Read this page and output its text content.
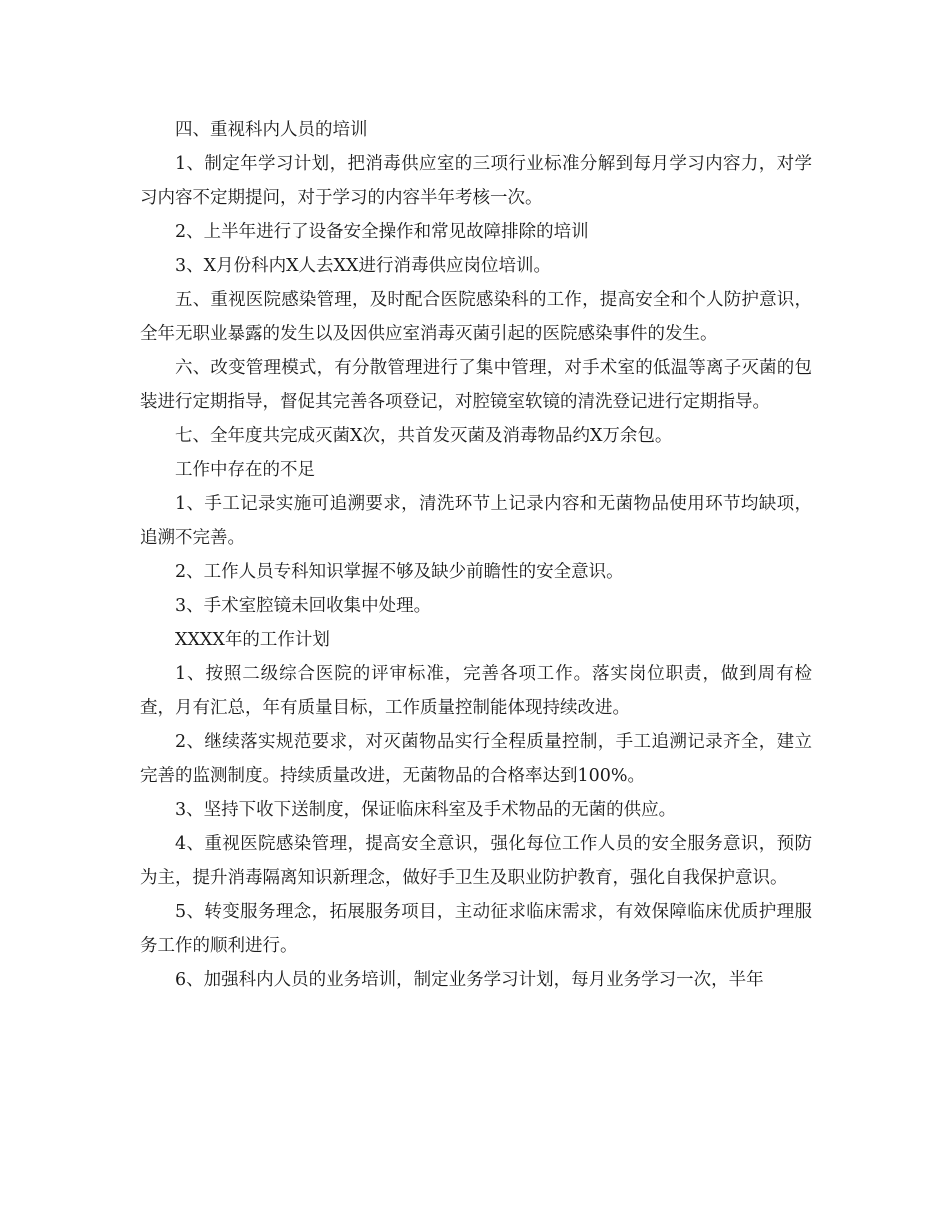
四、重视科内人员的培训

1、制定年学习计划，把消毒供应室的三项行业标准分解到每月学习内容力，对学习内容不定期提问，对于学习的内容半年考核一次。

2、上半年进行了设备安全操作和常见故障排除的培训

3、X月份科内X人去XX进行消毒供应岗位培训。

五、重视医院感染管理，及时配合医院感染科的工作，提高安全和个人防护意识，全年无职业暴露的发生以及因供应室消毒灭菌引起的医院感染事件的发生。

六、改变管理模式，有分散管理进行了集中管理，对手术室的低温等离子灭菌的包装进行定期指导，督促其完善各项登记，对腔镜室软镜的清洗登记进行定期指导。

七、全年度共完成灭菌X次，共首发灭菌及消毒物品约X万余包。

工作中存在的不足

1、手工记录实施可追溯要求，清洗环节上记录内容和无菌物品使用环节均缺项，追溯不完善。

2、工作人员专科知识掌握不够及缺少前瞻性的安全意识。

3、手术室腔镜未回收集中处理。

XXXX年的工作计划

1、按照二级综合医院的评审标准，完善各项工作。落实岗位职责，做到周有检查，月有汇总，年有质量目标，工作质量控制能体现持续改进。

2、继续落实规范要求，对灭菌物品实行全程质量控制，手工追溯记录齐全，建立完善的监测制度。持续质量改进，无菌物品的合格率达到100%。

3、坚持下收下送制度，保证临床科室及手术物品的无菌的供应。

4、重视医院感染管理，提高安全意识，强化每位工作人员的安全服务意识，预防为主，提升消毒隔离知识新理念，做好手卫生及职业防护教育，强化自我保护意识。

5、转变服务理念，拓展服务项目，主动征求临床需求，有效保障临床优质护理服务工作的顺利进行。

6、加强科内人员的业务培训，制定业务学习计划，每月业务学习一次，半年
